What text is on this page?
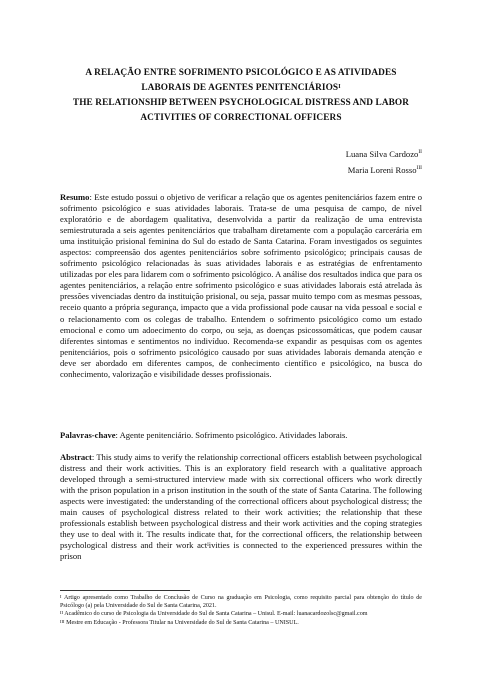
A RELAÇÃO ENTRE SOFRIMENTO PSICOLÓGICO E AS ATIVIDADES
LABORAIS DE AGENTES $PENITENCIÁRIOS^I$
THE RELATIONSHIP BETWEEN PSYCHOLOGICAL DISTRESS AND LABOR
ACTIVITIES OF CORRECTIONAL OFFICERS
Luana Silva Cardozo$^{II}$
Maria Loreni Rosso$^{III}$
Resumo: Este estudo possui o objetivo de verificar a relação que os agentes penitenciários fazem entre o sofrimento psicológico e suas atividades laborais. Trata-se de uma pesquisa de campo, de nível exploratório e de abordagem qualitativa, desenvolvida a partir da realização de uma entrevista semiestruturada a seis agentes penitenciários que trabalham diretamente com a população carcerária em uma instituição prisional feminina do Sul do estado de Santa Catarina. Foram investigados os seguintes aspectos: compreensão dos agentes penitenciários sobre sofrimento psicológico; principais causas de sofrimento psicológico relacionadas às suas atividades laborais e as estratégias de enfrentamento utilizadas por eles para lidarem com o sofrimento psicológico. A análise dos resultados indica que para os agentes penitenciários, a relação entre sofrimento psicológico e suas atividades laborais está atrelada às pressões vivenciadas dentro da instituição prisional, ou seja, passar muito tempo com as mesmas pessoas, receio quanto a própria segurança, impacto que a vida profissional pode causar na vida pessoal e social e o relacionamento com os colegas de trabalho. Entendem o sofrimento psicológico como um estado emocional e como um adoecimento do corpo, ou seja, as doenças psicossomáticas, que podem causar diferentes sintomas e sentimentos no indivíduo. Recomenda-se expandir as pesquisas com os agentes penitenciários, pois o sofrimento psicológico causado por suas atividades laborais demanda atenção e deve ser abordado em diferentes campos, de conhecimento científico e psicológico, na busca do conhecimento, valorização e visibilidade desses profissionais.
Palavras-chave: Agente penitenciário. Sofrimento psicológico. Atividades laborais.
Abstract: This study aims to verify the relationship correctional officers establish between psychological distress and their work activities. This is an exploratory field research with a qualitative approach developed through a semi-structured interview made with six correctional officers who work directly with the prison population in a prison institution in the south of the state of Santa Catarina. The following aspects were investigated: the understanding of the correctional officers about psychological distress; the main causes of psychological distress related to their work activities; the relationship that these professionals establish between psychological distress and their work activities and the coping strategies they use to deal with it. The results indicate that, for the correctional officers, the relationship between psychological distress and their work act$^I$ivities is connected to the experienced pressures within the prison
$^I$ Artigo apresentado como Trabalho de Conclusão de Curso na graduação em Psicologia, como requisito parcial para obtenção do título de Psicólogo (a) pela Universidade do Sul de Santa Catarina, 2021.
$^{II}$ Acadêmico do curso de Psicologia da Universidade do Sul de Santa Catarina – Unisul. E-mail: luanacardozolsc@gmail.com
$^{III}$ Mestre em Educação - Professora Titular na Universidade do Sul de Santa Catarina – UNISUL.
